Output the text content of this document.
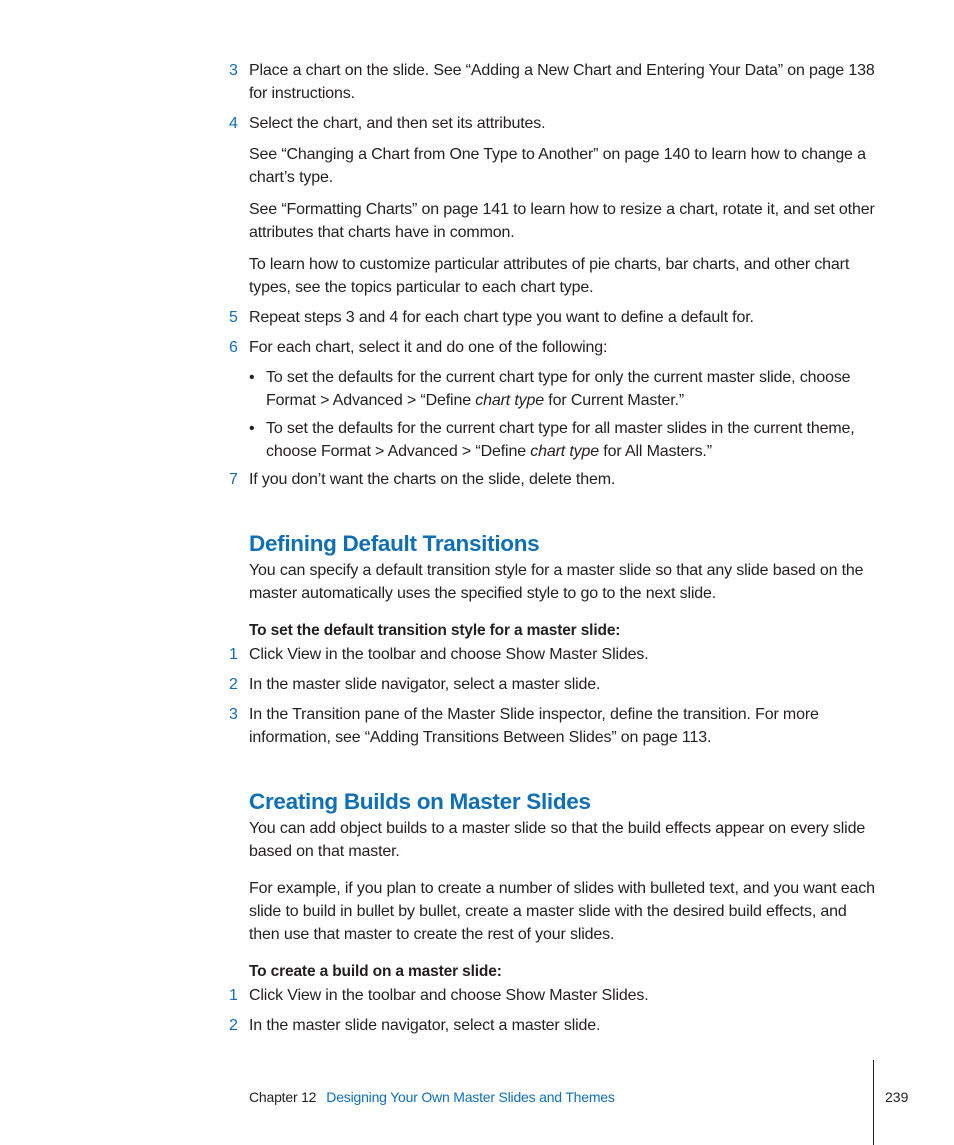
3 Place a chart on the slide. See “Adding a New Chart and Entering Your Data” on page 138 for instructions.
4 Select the chart, and then set its attributes.

See “Changing a Chart from One Type to Another” on page 140 to learn how to change a chart’s type.

See “Formatting Charts” on page 141 to learn how to resize a chart, rotate it, and set other attributes that charts have in common.

To learn how to customize particular attributes of pie charts, bar charts, and other chart types, see the topics particular to each chart type.

5 Repeat steps 3 and 4 for each chart type you want to define a default for.
6 For each chart, select it and do one of the following:
• To set the defaults for the current chart type for only the current master slide, choose Format > Advanced > “Define chart type for Current Master.”
• To set the defaults for the current chart type for all master slides in the current theme, choose Format > Advanced > “Define chart type for All Masters.”
7 If you don’t want the charts on the slide, delete them.
Defining Default Transitions

You can specify a default transition style for a master slide so that any slide based on the master automatically uses the specified style to go to the next slide.

To set the default transition style for a master slide:

1 Click View in the toolbar and choose Show Master Slides.
2 In the master slide navigator, select a master slide.
3 In the Transition pane of the Master Slide inspector, define the transition. For more information, see “Adding Transitions Between Slides” on page 113.
Creating Builds on Master Slides

You can add object builds to a master slide so that the build effects appear on every slide based on that master.

For example, if you plan to create a number of slides with bulleted text, and you want each slide to build in bullet by bullet, create a master slide with the desired build effects, and then use that master to create the rest of your slides.

To create a build on a master slide:

1 Click View in the toolbar and choose Show Master Slides.
2 In the master slide navigator, select a master slide.
Chapter 12 Designing Your Own Master Slides and Themes	239
